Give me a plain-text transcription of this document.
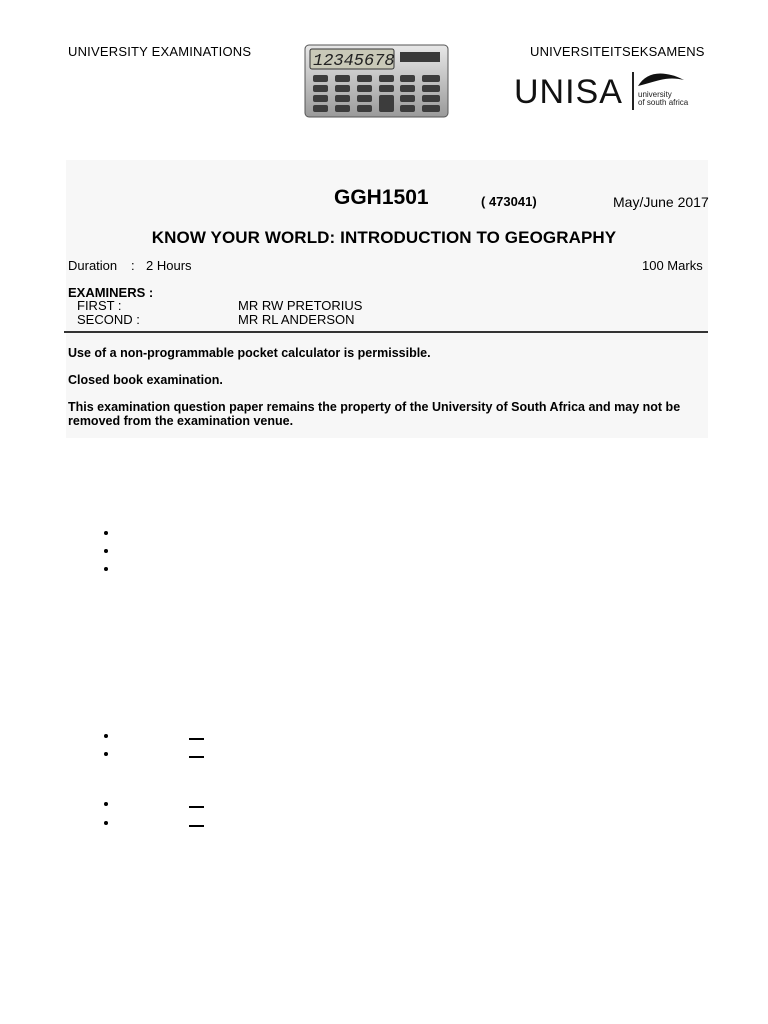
UNIVERSITY EXAMINATIONS	UNIVERSITEITSEKSAMENS
12345678
UNISA university
of south africa
GGH1501	( 473041)	May/June 2017
KNOW YOUR WORLD: INTRODUCTION TO GEOGRAPHY
Duration : 2 Hours	100 Marks
EXAMINERS :
FIRST :	MR RW PRETORIUS
SECOND :	MR RL ANDERSON
Use of a non-programmable pocket calculator is permissible.
Closed book examination.
This examination question paper remains the property of the University of South Africa and may not be removed from the examination venue.
